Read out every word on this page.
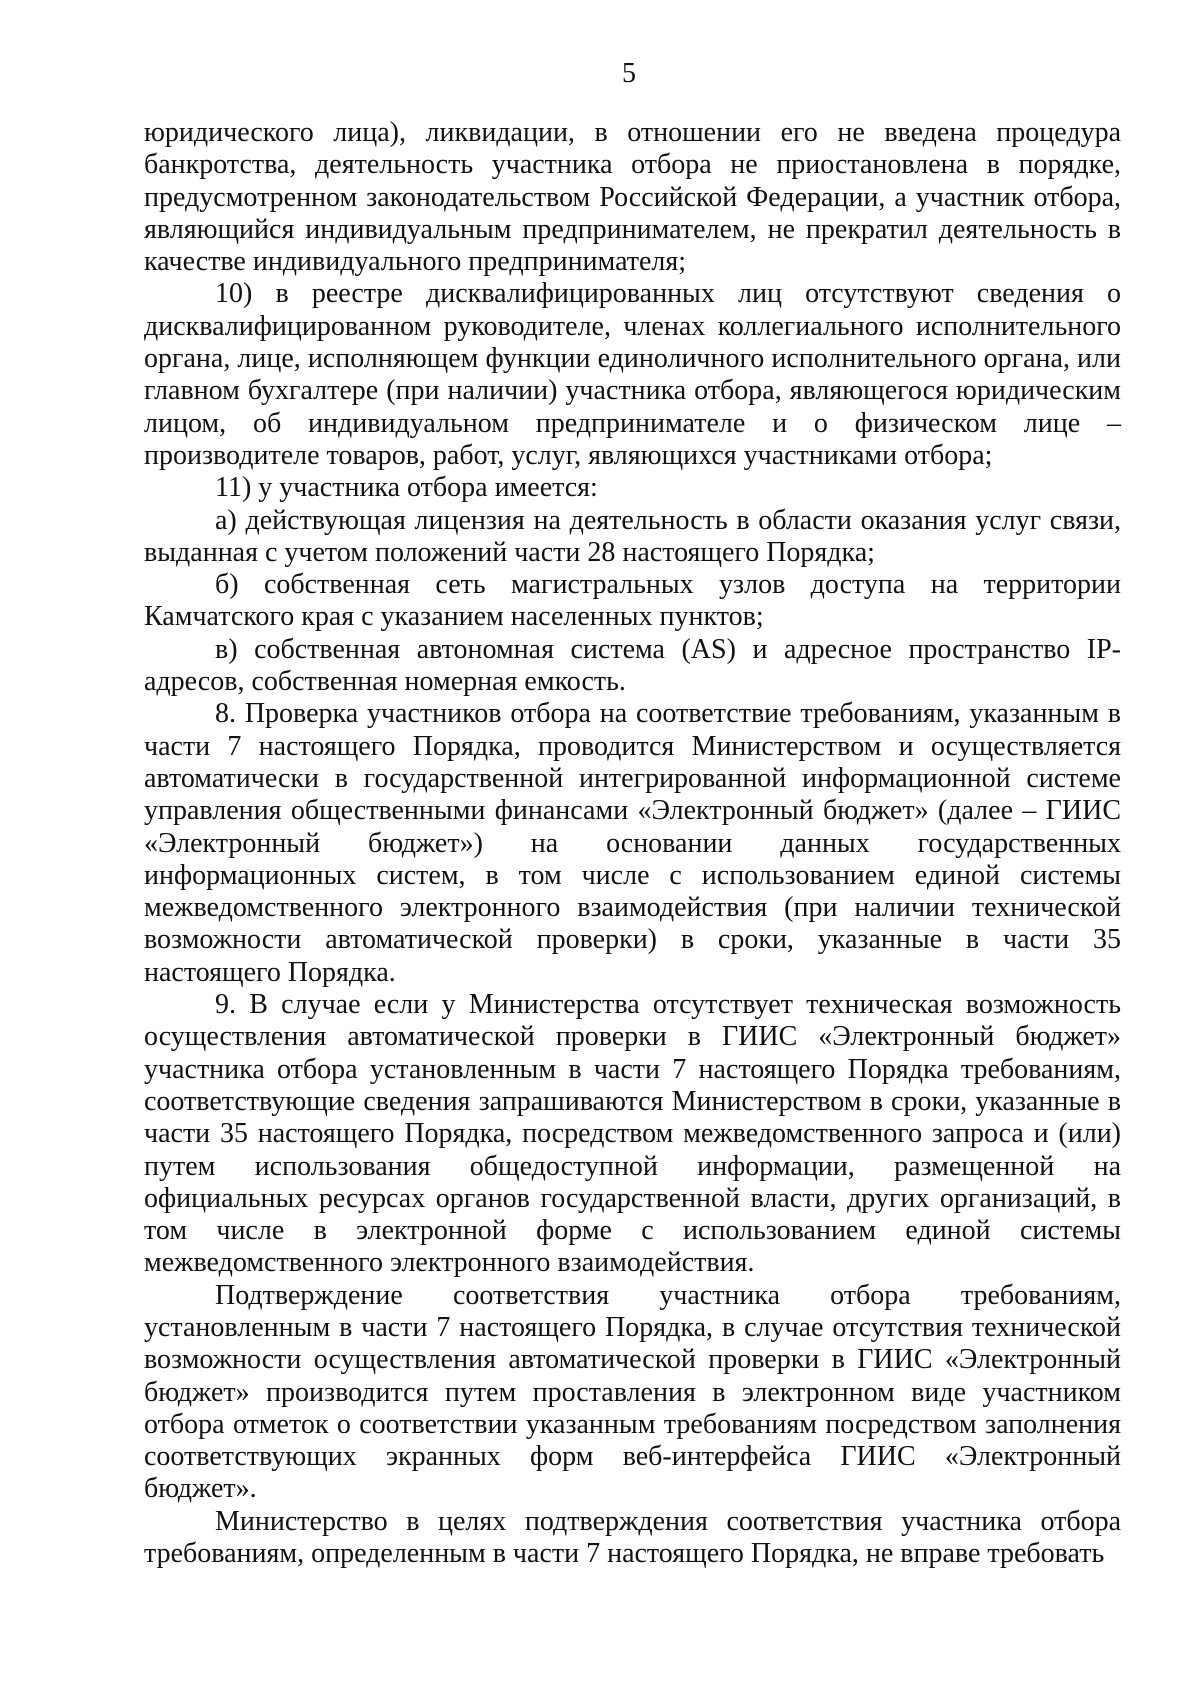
5

юридического лица), ликвидации, в отношении его не введена процедура банкротства, деятельность участника отбора не приостановлена в порядке, предусмотренном законодательством Российской Федерации, а участник отбора, являющийся индивидуальным предпринимателем, не прекратил деятельность в качестве индивидуального предпринимателя;

10) в реестре дисквалифицированных лиц отсутствуют сведения о дисквалифицированном руководителе, членах коллегиального исполнительного органа, лице, исполняющем функции единоличного исполнительного органа, или главном бухгалтере (при наличии) участника отбора, являющегося юридическим лицом, об индивидуальном предпринимателе и о физическом лице – производителе товаров, работ, услуг, являющихся участниками отбора;

11) у участника отбора имеется:

а) действующая лицензия на деятельность в области оказания услуг связи, выданная с учетом положений части 28 настоящего Порядка;

б) собственная сеть магистральных узлов доступа на территории Камчатского края с указанием населенных пунктов;

в) собственная автономная система (AS) и адресное пространство IP-адресов, собственная номерная емкость.

8. Проверка участников отбора на соответствие требованиям, указанным в части 7 настоящего Порядка, проводится Министерством и осуществляется автоматически в государственной интегрированной информационной системе управления общественными финансами «Электронный бюджет» (далее – ГИИС «Электронный бюджет») на основании данных государственных информационных систем, в том числе с использованием единой системы межведомственного электронного взаимодействия (при наличии технической возможности автоматической проверки) в сроки, указанные в части 35 настоящего Порядка.

9. В случае если у Министерства отсутствует техническая возможность осуществления автоматической проверки в ГИИС «Электронный бюджет» участника отбора установленным в части 7 настоящего Порядка требованиям, соответствующие сведения запрашиваются Министерством в сроки, указанные в части 35 настоящего Порядка, посредством межведомственного запроса и (или) путем использования общедоступной информации, размещенной на официальных ресурсах органов государственной власти, других организаций, в том числе в электронной форме с использованием единой системы межведомственного электронного взаимодействия.

Подтверждение соответствия участника отбора требованиям, установленным в части 7 настоящего Порядка, в случае отсутствия технической возможности осуществления автоматической проверки в ГИИС «Электронный бюджет» производится путем проставления в электронном виде участником отбора отметок о соответствии указанным требованиям посредством заполнения соответствующих экранных форм веб-интерфейса ГИИС «Электронный бюджет».

Министерство в целях подтверждения соответствия участника отбора требованиям, определенным в части 7 настоящего Порядка, не вправе требовать
